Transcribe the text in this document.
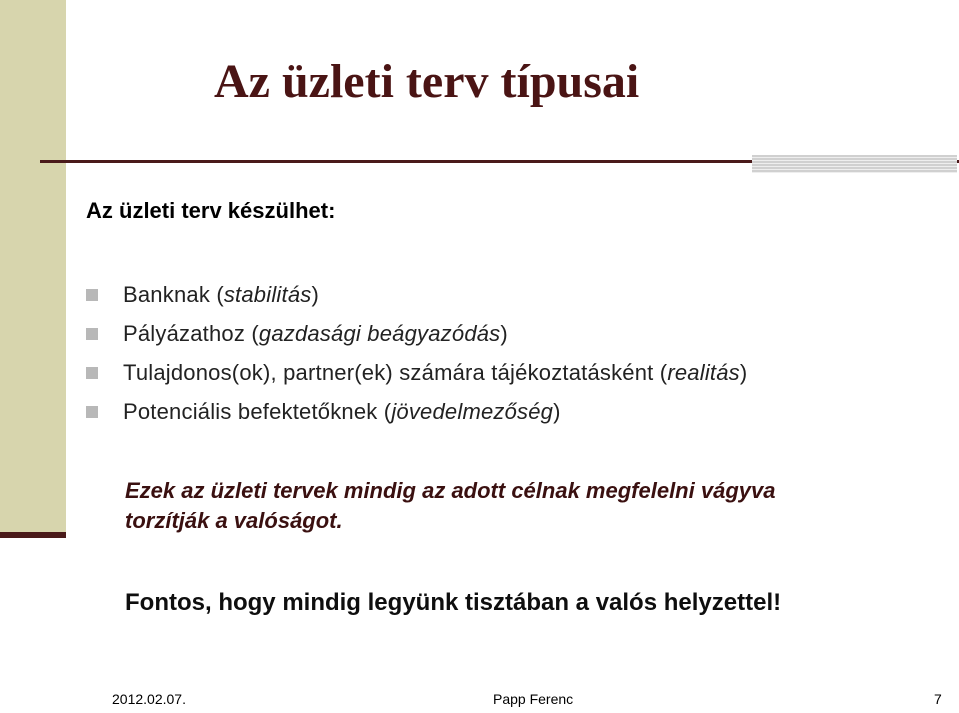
Az üzleti terv típusai
Az üzleti terv készülhet:
Banknak (stabilitás)
Pályázathoz (gazdasági beágyazódás)
Tulajdonos(ok), partner(ek) számára tájékoztatásként (realitás)
Potenciális befektetőknek (jövedelmezőség)
Ezek az üzleti tervek mindig az adott célnak megfelelni vágyva
torzítják a valóságot.
Fontos, hogy mindig legyünk tisztában a valós helyzettel!
2012.02.07.	Papp Ferenc	7
